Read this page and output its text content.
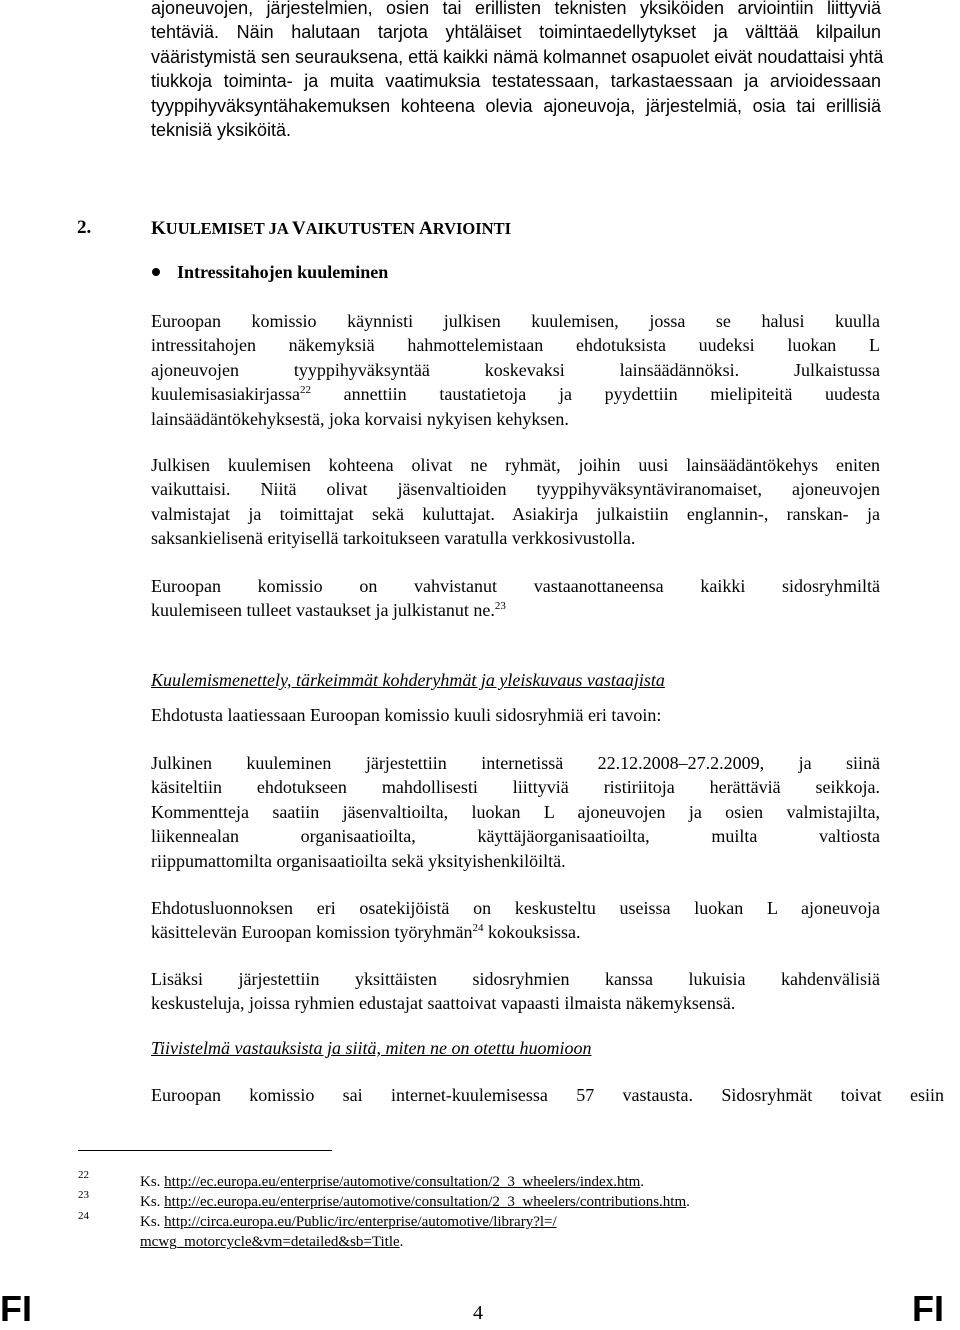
ajoneuvojen, järjestelmien, osien tai erillisten teknisten yksiköiden arviointiin liittyviä
tehtäviä. Näin halutaan tarjota yhtäläiset toimintaedellytykset ja välttää kilpailun
vääristymistä sen seurauksena, että kaikki nämä kolmannet osapuolet eivät noudattaisi yhtä
tiukkoja toiminta- ja muita vaatimuksia testatessaan, tarkastaessaan ja arvioidessaan
tyyppihyväksyntähakemuksen kohteena olevia ajoneuvoja, järjestelmiä, osia tai erillisiä
teknisiä yksiköitä.
2.	KUULEMISET JA VAIKUTUSTEN ARVIOINTI
Intressitahojen kuuleminen
Euroopan komissio käynnisti julkisen kuulemisen, jossa se halusi kuulla
intressitahojen näkemyksiä hahmottelemistaan ehdotuksista uudeksi luokan L
ajoneuvojen tyyppihyväksyntää koskevaksi lainsäädännöksi. Julkaistussa
kuulemisasiakirjassa$^{22}$ annettiin taustatietoja ja pyydettiin mielipiteitä uudesta
lainsäädäntökehyksestä, joka korvaisi nykyisen kehyksen.
Julkisen kuulemisen kohteena olivat ne ryhmät, joihin uusi lainsäädäntökehys eniten
vaikuttaisi. Niitä olivat jäsenvaltioiden tyyppihyväksyntäviranomaiset, ajoneuvojen
valmistajat ja toimittajat sekä kuluttajat. Asiakirja julkaistiin englannin-, ranskan- ja
saksankielisenä erityisellä tarkoitukseen varatulla verkkosivustolla.
Euroopan komissio on vahvistanut vastaanottaneensa kaikki sidosryhmiltä
kuulemiseen tulleet vastaukset ja julkistanut ne.$^{23}$
Kuulemismenettely, tärkeimmät kohderyhmät ja yleiskuvaus vastaajista
Ehdotusta laatiessaan Euroopan komissio kuuli sidosryhmiä eri tavoin:
Julkinen kuuleminen järjestettiin internetissä 22.12.2008–27.2.2009, ja siinä
käsiteltiin ehdotukseen mahdollisesti liittyviä ristiriitoja herättäviä seikkoja.
Kommentteja saatiin jäsenvaltioilta, luokan L ajoneuvojen ja osien valmistajilta,
liikennealan organisaatioilta, käyttäjäorganisaatioilta, muilta valtiosta
riippumattomilta organisaatioilta sekä yksityishenkilöiltä.
Ehdotusluonnoksen eri osatekijöistä on keskusteltu useissa luokan L ajoneuvoja
käsittelevän Euroopan komission työryhmän$^{24}$ kokouksissa.
Lisäksi järjestettiin yksittäisten sidosryhmien kanssa lukuisia kahdenvälisiä
keskusteluja, joissa ryhmien edustajat saattoivat vapaasti ilmaista näkemyksensä.
Tiivistelmä vastauksista ja siitä, miten ne on otettu huomioon
Euroopan komissio sai internet-kuulemisessa 57 vastausta. Sidosryhmät toivat esiin
22
23
24
Ks. http://ec.europa.eu/enterprise/automotive/consultation/2_3_wheelers/index.htm.
Ks. http://ec.europa.eu/enterprise/automotive/consultation/2_3_wheelers/contributions.htm.
Ks. http://circa.europa.eu/Public/irc/enterprise/automotive/library?l=/
mcwg_motorcycle&vm=detailed&sb=Title.
FI	4	FI
